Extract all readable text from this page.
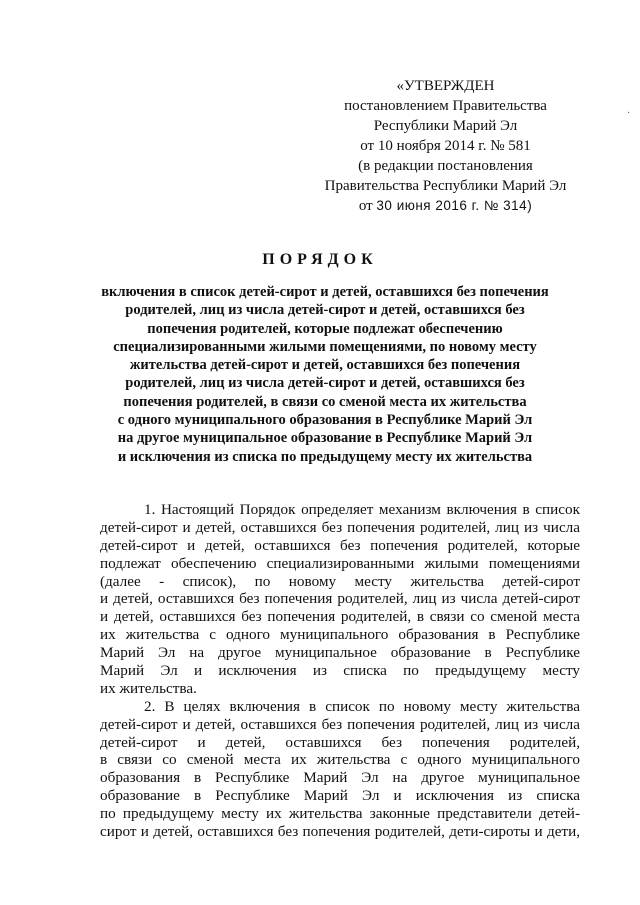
«УТВЕРЖДЕН
постановлением Правительства
Республики Марий Эл
от 10 ноября 2014 г. № 581
(в редакции постановления
Правительства Республики Марий Эл
от 30 июня 2016 г. № 314)
·
ПОРЯДОК
включения в список детей-сирот и детей, оставшихся без попечения
родителей, лиц из числа детей-сирот и детей, оставшихся без
попечения родителей, которые подлежат обеспечению
специализированными жилыми помещениями, по новому месту
жительства детей-сирот и детей, оставшихся без попечения
родителей, лиц из числа детей-сирот и детей, оставшихся без
попечения родителей, в связи со сменой места их жительства
с одного муниципального образования в Республике Марий Эл
на другое муниципальное образование в Республике Марий Эл
и исключения из списка по предыдущему месту их жительства
1. Настоящий Порядок определяет механизм включения в список
детей-сирот и детей, оставшихся без попечения родителей, лиц из числа
детей-сирот и детей, оставшихся без попечения родителей, которые
подлежат обеспечению специализированными жилыми помещениями
(далее - список), по новому месту жительства детей-сирот
и детей, оставшихся без попечения родителей, лиц из числа детей-сирот
и детей, оставшихся без попечения родителей, в связи со сменой места
их жительства с одного муниципального образования в Республике
Марий Эл на другое муниципальное образование в Республике
Марий Эл и исключения из списка по предыдущему месту
их жительства.
2. В целях включения в список по новому месту жительства
детей-сирот и детей, оставшихся без попечения родителей, лиц из числа
детей-сирот и детей, оставшихся без попечения родителей,
в связи со сменой места их жительства с одного муниципального
образования в Республике Марий Эл на другое муниципальное
образование в Республике Марий Эл и исключения из списка
по предыдущему месту их жительства законные представители детей-
сирот и детей, оставшихся без попечения родителей, дети-сироты и дети,
